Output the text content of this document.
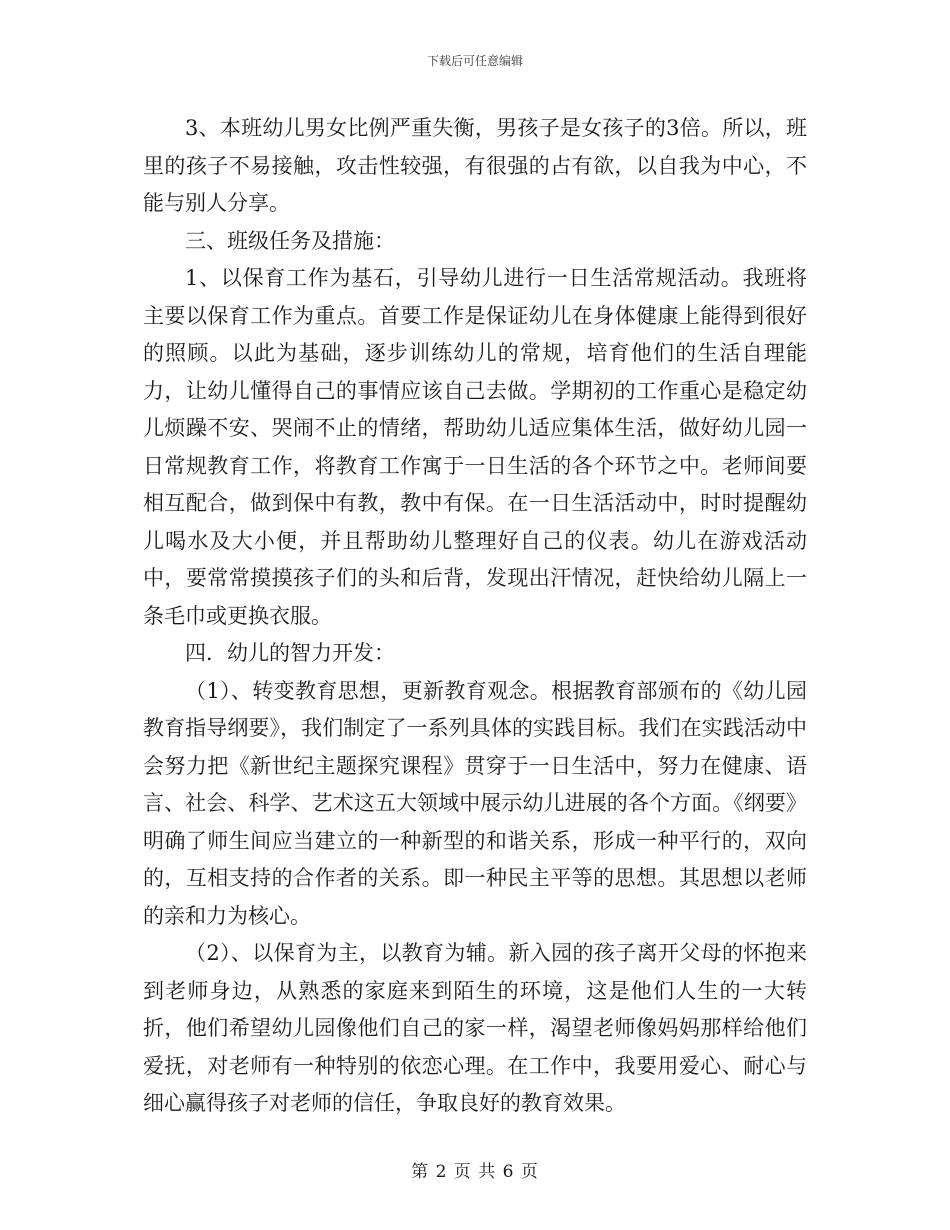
下载后可任意编辑

3、本班幼儿男女比例严重失衡，男孩子是女孩子的3倍。所以，班里的孩子不易接触，攻击性较强，有很强的占有欲，以自我为中心，不能与别人分享。

三、班级任务及措施：

1、以保育工作为基石，引导幼儿进行一日生活常规活动。我班将主要以保育工作为重点。首要工作是保证幼儿在身体健康上能得到很好的照顾。以此为基础，逐步训练幼儿的常规，培育他们的生活自理能力，让幼儿懂得自己的事情应该自己去做。学期初的工作重心是稳定幼儿烦躁不安、哭闹不止的情绪，帮助幼儿适应集体生活，做好幼儿园一日常规教育工作，将教育工作寓于一日生活的各个环节之中。老师间要相互配合，做到保中有教，教中有保。在一日生活活动中，时时提醒幼儿喝水及大小便，并且帮助幼儿整理好自己的仪表。幼儿在游戏活动中，要常常摸摸孩子们的头和后背，发现出汗情况，赶快给幼儿隔上一条毛巾或更换衣服。

四．幼儿的智力开发：

（1）、转变教育思想，更新教育观念。根据教育部颁布的《幼儿园教育指导纲要》，我们制定了一系列具体的实践目标。我们在实践活动中会努力把《新世纪主题探究课程》贯穿于一日生活中，努力在健康、语言、社会、科学、艺术这五大领域中展示幼儿进展的各个方面。《纲要》明确了师生间应当建立的一种新型的和谐关系，形成一种平行的，双向的，互相支持的合作者的关系。即一种民主平等的思想。其思想以老师的亲和力为核心。

（2）、以保育为主，以教育为辅。新入园的孩子离开父母的怀抱来到老师身边，从熟悉的家庭来到陌生的环境，这是他们人生的一大转折，他们希望幼儿园像他们自己的家一样，渴望老师像妈妈那样给他们爱抚，对老师有一种特别的依恋心理。在工作中，我要用爱心、耐心与细心赢得孩子对老师的信任，争取良好的教育效果。

第 2 页 共 6 页
